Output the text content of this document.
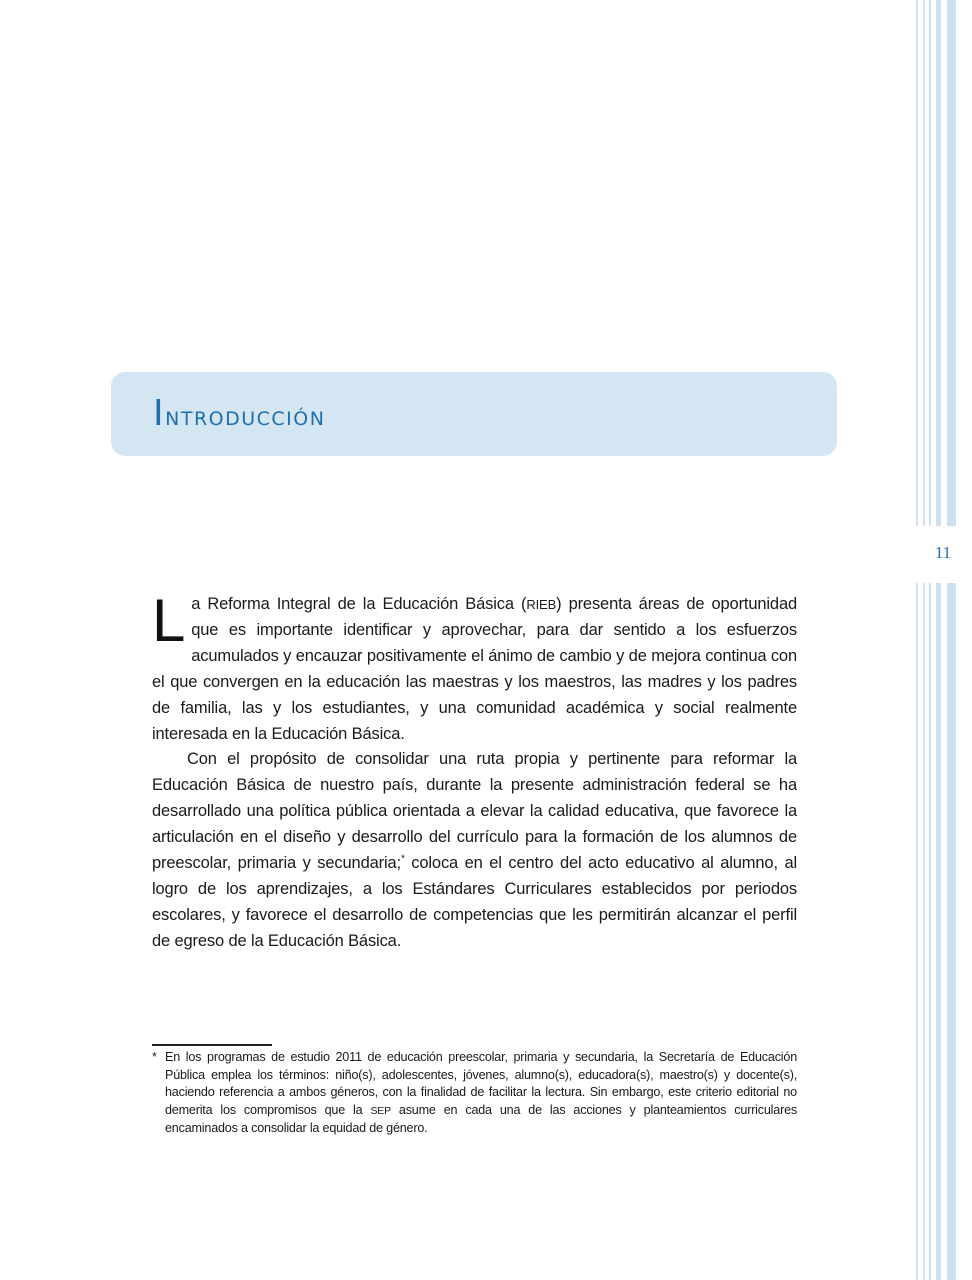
11
Introducción

La Reforma Integral de la Educación Básica (RIEB) presenta áreas de oportunidad que es importante identificar y aprovechar, para dar sentido a los esfuerzos acumulados y encauzar positivamente el ánimo de cambio y de mejora continua con el que convergen en la educación las maestras y los maestros, las madres y los padres de familia, las y los estudiantes, y una comunidad académica y social realmente interesada en la Educación Básica.

Con el propósito de consolidar una ruta propia y pertinente para reformar la Educación Básica de nuestro país, durante la presente administración federal se ha desarrollado una política pública orientada a elevar la calidad educativa, que favorece la articulación en el diseño y desarrollo del currículo para la formación de los alumnos de preescolar, primaria y secundaria;* coloca en el centro del acto educativo al alumno, al logro de los aprendizajes, a los Estándares Curriculares establecidos por periodos escolares, y favorece el desarrollo de competencias que les permitirán alcanzar el perfil de egreso de la Educación Básica.

* En los programas de estudio 2011 de educación preescolar, primaria y secundaria, la Secretaría de Educación Pública emplea los términos: niño(s), adolescentes, jóvenes, alumno(s), educadora(s), maestro(s) y docente(s), haciendo referencia a ambos géneros, con la finalidad de facilitar la lectura. Sin embargo, este criterio editorial no demerita los compromisos que la SEP asume en cada una de las acciones y planteamientos curriculares encaminados a consolidar la equidad de género.
